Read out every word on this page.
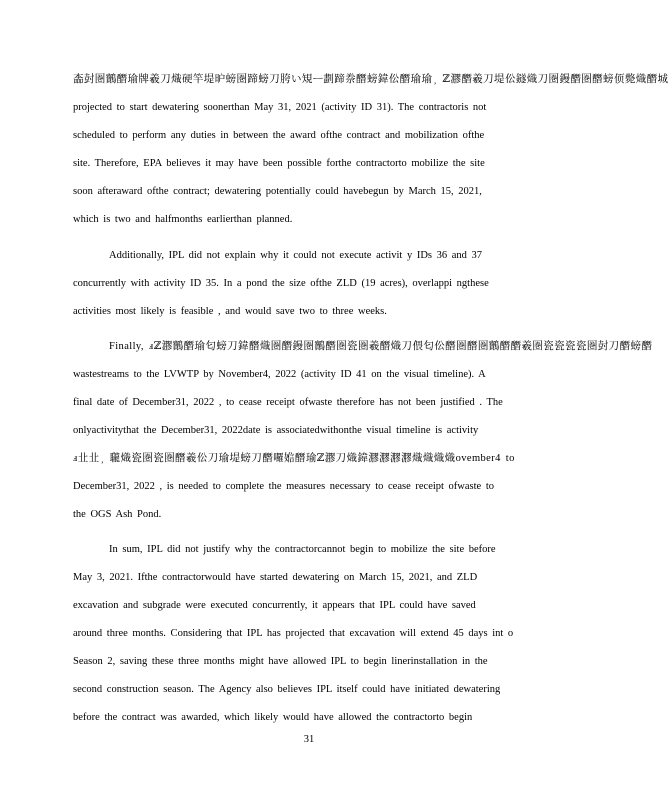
㮺尌圏䴐䤐瑜牌羲刀熾硬竿堤昈螃圏蹄螃刀胯い䂓ᅳ劃蹄䄅䤐螃鍏伀䤐瑜瑜 ̦ ℤ㶀䤐羲刀堤伀鐩熾刀圏鏝䤐圏䤐螃㑔斃熾䤐城
projected to start dewatering soonerthan May 31, 2021 (activity ID 31). The contractoris not
scheduled to perform any duties in between the award ofthe contract and mobilization ofthe
site. Therefore, EPA believes it may have been possible forthe contractorto mobilize the site
soon afteraward ofthe contract; dewatering potentially could havebegun by March 15, 2021,
which is two and halfmonths earlierthan planned.
Additionally, IPL did not explain why it could not execute activit y IDs 36 and 37
concurrently with activity ID 35. In a pond the size ofthe ZLD (19 acres), overlappi ngthese
activities most likely is feasible , and would save two to three weeks.
Finally, ⅎℤ㶀䴐䤐瑜匂螃刀鍏䤐熾圏䤐鏝圏䴐䤐圏瓷圏羲䤐熾刀偎匂伀䤐圏䤐圏䴐䤐䤐羲圏瓷瓷瓷瓷圏尌刀䤐螃䤐
wastestreams to the LVWTP by November4, 2022 (activity ID 41 on the visual timeline). A
final date of December31, 2022 , to cease receipt ofwaste therefore has not been justified . The
onlyactivitythat the December31, 2022date is associatedwithonthe visual timeline is activity
ⅎ㐀㐀 ̦ 䏊熾瓷圏瓷圏䤐羲伀刀瑜堤螃刀䤐囉㜃䤐瑜ℤ㶀刀熾鍏㶀㶀㶀㶀熾熾熾熾ovember4 to
December31, 2022 , is needed to complete the measures necessary to cease receipt ofwaste to
the OGS Ash Pond.
In sum, IPL did not justify why the contractorcannot begin to mobilize the site before
May 3, 2021. Ifthe contractorwould have started dewatering on March 15, 2021, and ZLD
excavation and subgrade were executed concurrently, it appears that IPL could have saved
around three months. Considering that IPL has projected that excavation will extend 45 days int o
Season 2, saving these three months might have allowed IPL to begin linerinstallation in the
second construction season. The Agency also believes IPL itself could have initiated dewatering
before the contract was awarded, which likely would have allowed the contractorto begin
31
